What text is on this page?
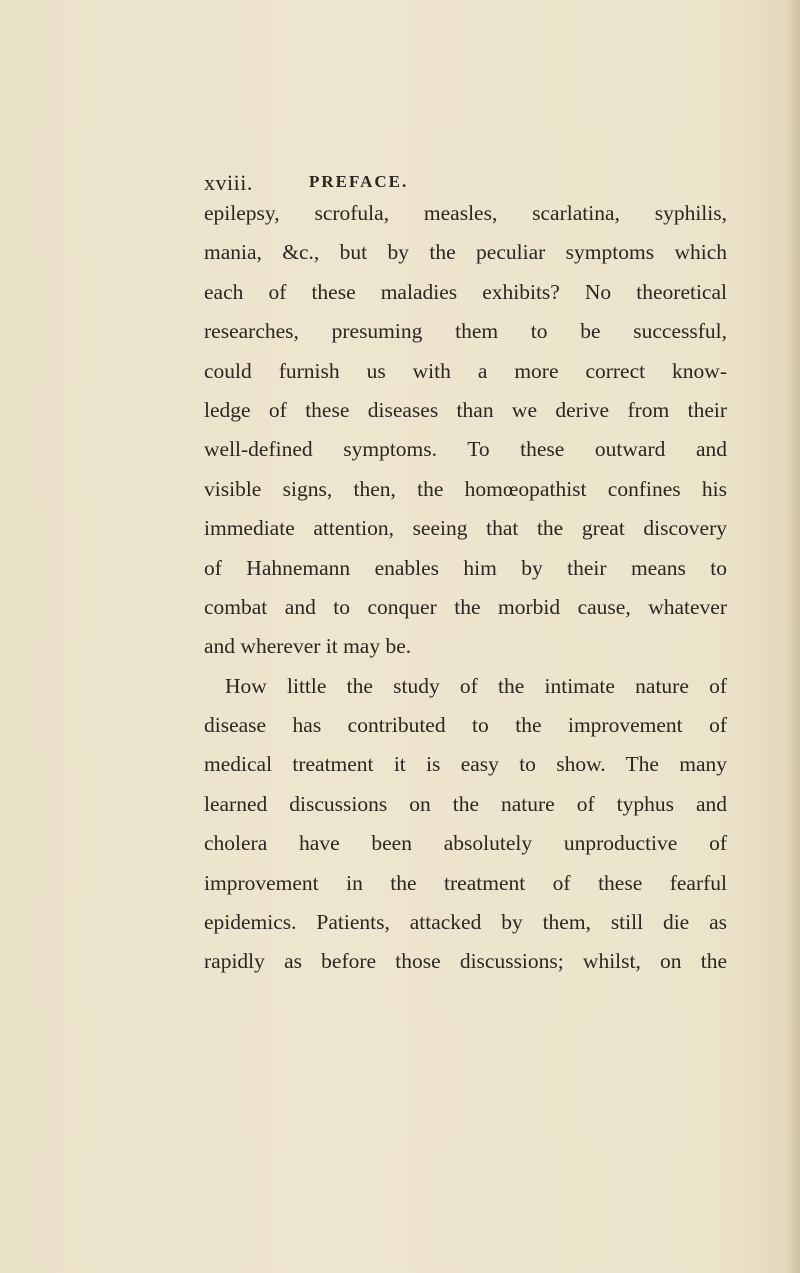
xviii.	PREFACE.
epilepsy, scrofula, measles, scarlatina, syphilis,
mania, &c., but by the peculiar symptoms which
each of these maladies exhibits? No theoretical
researches, presuming them to be successful,
could furnish us with a more correct know-
ledge of these diseases than we derive from their
well-defined symptoms. To these outward and
visible signs, then, the homœopathist confines his
immediate attention, seeing that the great discovery
of Hahnemann enables him by their means to
combat and to conquer the morbid cause, whatever
and wherever it may be.
How little the study of the intimate nature of
disease has contributed to the improvement of
medical treatment it is easy to show. The many
learned discussions on the nature of typhus and
cholera have been absolutely unproductive of
improvement in the treatment of these fearful
epidemics. Patients, attacked by them, still die as
rapidly as before those discussions; whilst, on the
